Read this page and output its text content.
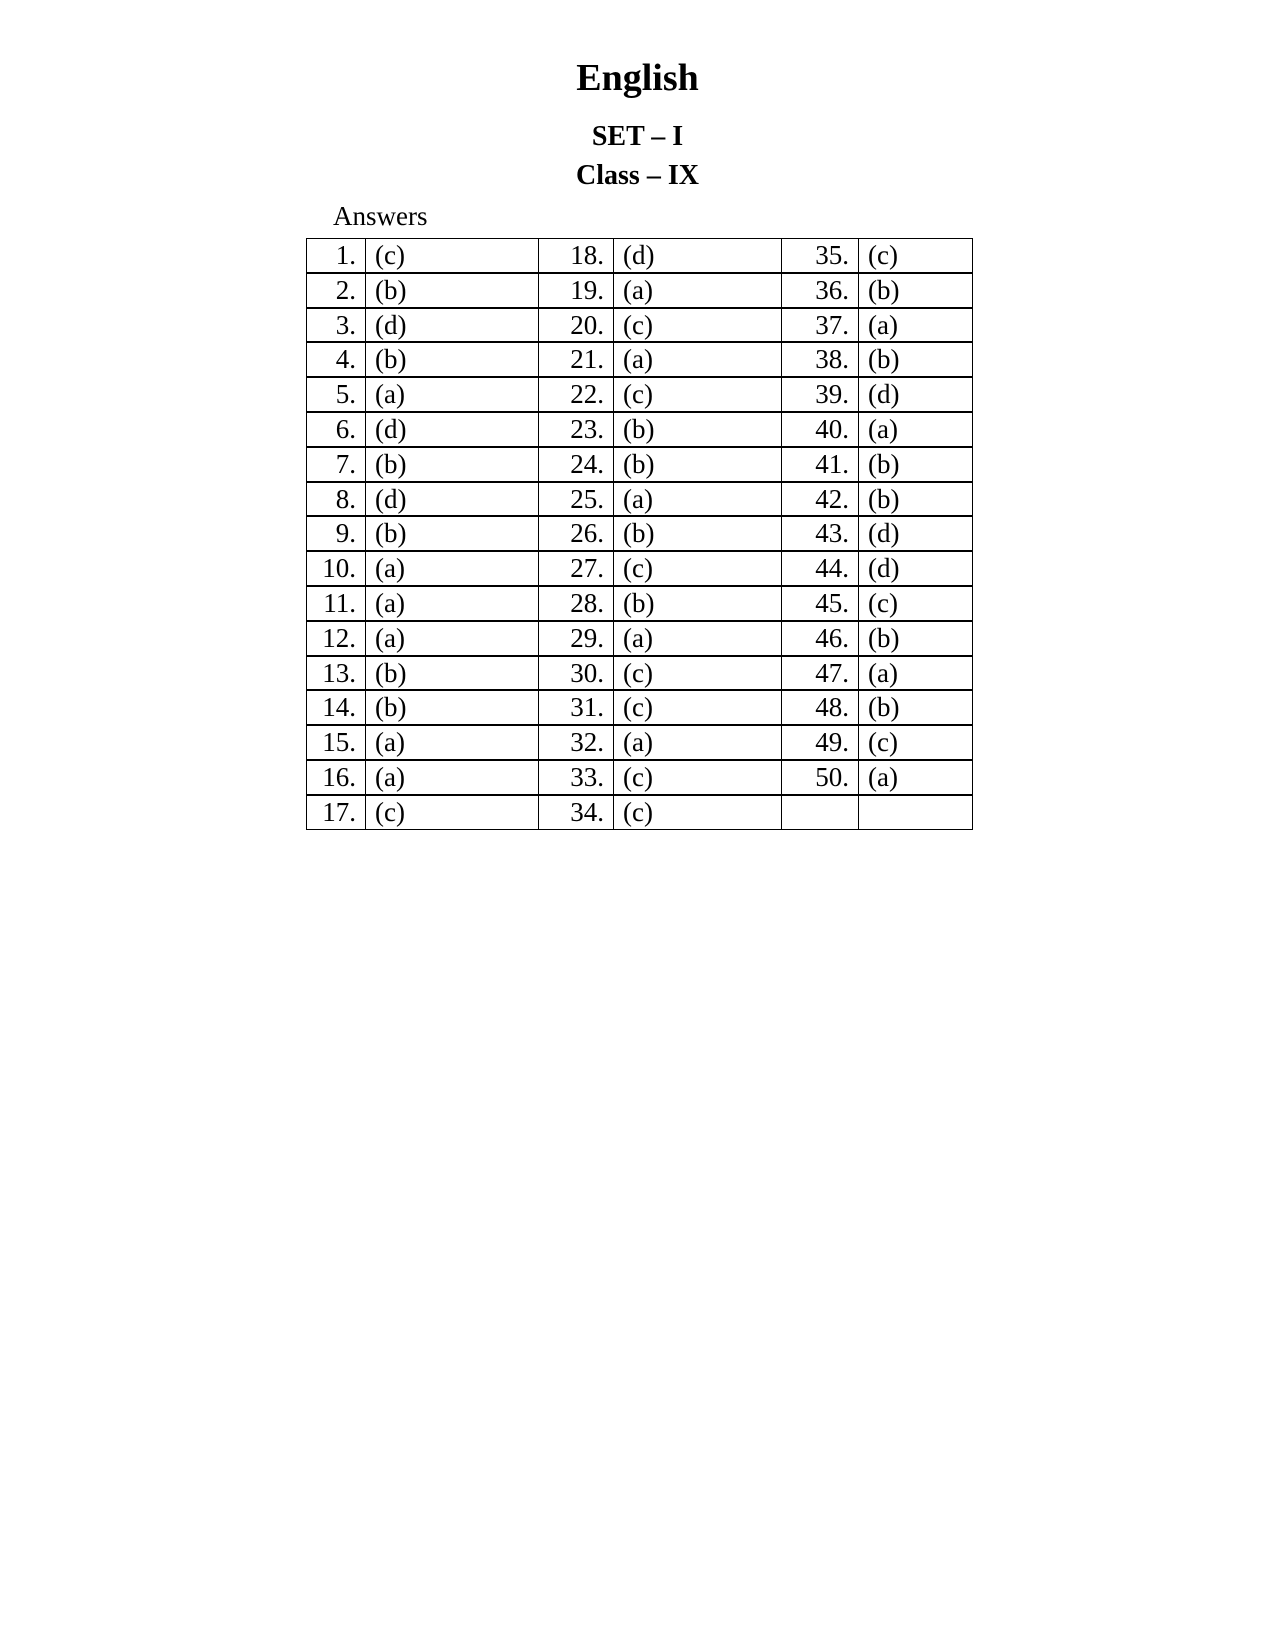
English
SET – I
Class – IX
Answers
1. (c)
2. (b)
3. (d)
4. (b)
5. (a)
6. (d)
7. (b)
8. (d)
9. (b)
10. (a)
11. (a)
12. (a)
13. (b)
14. (b)
15. (a)
16. (a)
17. (c)
18. (d)
19. (a)
20. (c)
21. (a)
22. (c)
23. (b)
24. (b)
25. (a)
26. (b)
27. (c)
28. (b)
29. (a)
30. (c)
31. (c)
32. (a)
33. (c)
34. (c)
35. (c)
36. (b)
37. (a)
38. (b)
39. (d)
40. (a)
41. (b)
42. (b)
43. (d)
44. (d)
45. (c)
46. (b)
47. (a)
48. (b)
49. (c)
50. (a)
